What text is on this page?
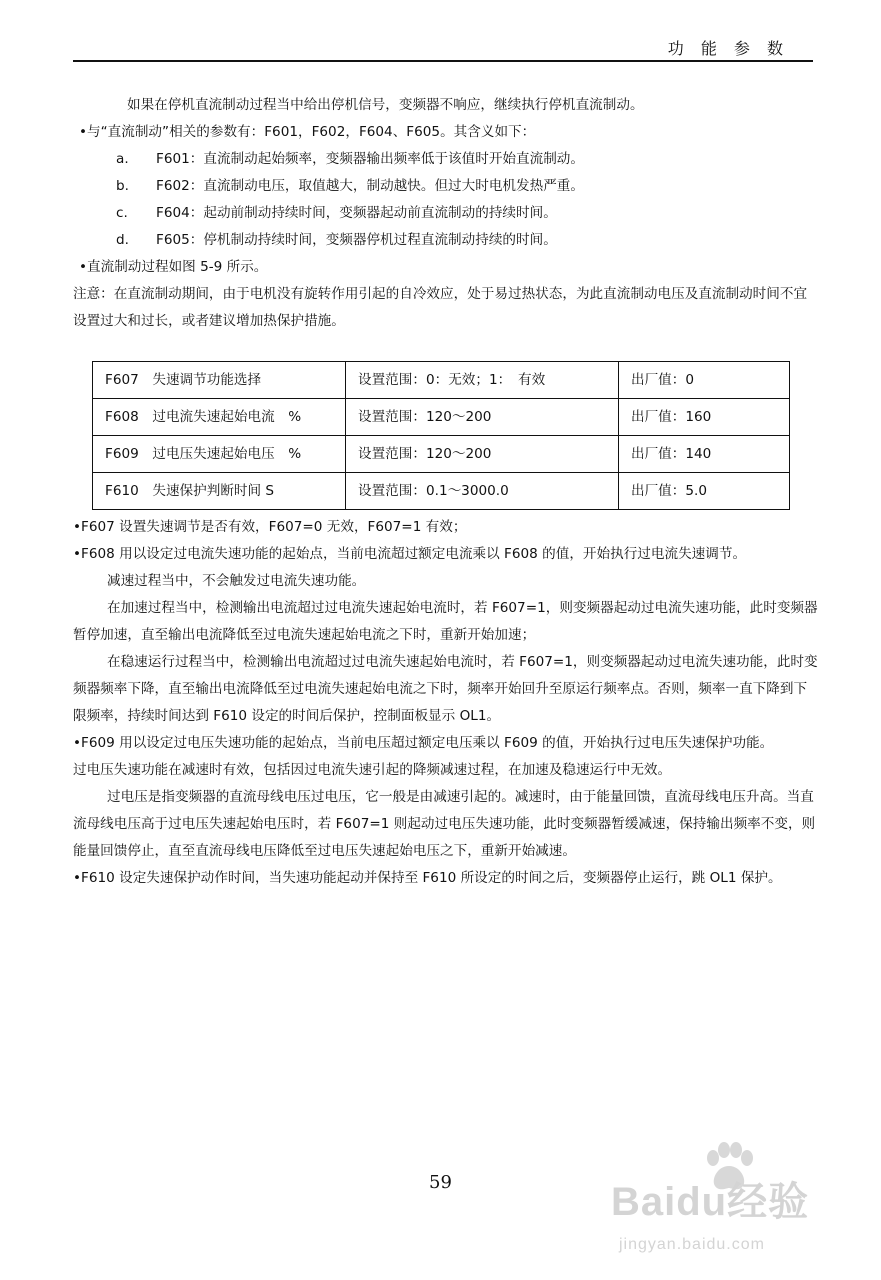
功 能 参 数

如果在停机直流制动过程当中给出停机信号，变频器不响应，继续执行停机直流制动。

•与“直流制动”相关的参数有：F601，F602，F604、F605。其含义如下：

a.	F601：直流制动起始频率，变频器输出频率低于该值时开始直流制动。
b.	F602：直流制动电压，取值越大，制动越快。但过大时电机发热严重。
c.	F604：起动前制动持续时间，变频器起动前直流制动的持续时间。
d.	F605：停机制动持续时间，变频器停机过程直流制动持续的时间。

•直流制动过程如图 5-9 所示。

注意：在直流制动期间，由于电机没有旋转作用引起的自冷效应，处于易过热状态，为此直流制动电压及直流制动时间不宜设置过大和过长，或者建议增加热保护措施。

F607　失速调节功能选择	设置范围：0：无效；1：　有效	出厂值：0
F608　过电流失速起始电流　%	设置范围：120～200	出厂值：160
F609　过电压失速起始电压　%	设置范围：120～200	出厂值：140
F610　失速保护判断时间 S	设置范围：0.1～3000.0	出厂值：5.0

•F607 设置失速调节是否有效，F607=0 无效，F607=1 有效；

•F608 用以设定过电流失速功能的起始点，当前电流超过额定电流乘以 F608 的值，开始执行过电流失速调节。

减速过程当中，不会触发过电流失速功能。

在加速过程当中，检测输出电流超过过电流失速起始电流时，若 F607=1，则变频器起动过电流失速功能，此时变频器暂停加速，直至输出电流降低至过电流失速起始电流之下时，重新开始加速；

在稳速运行过程当中，检测输出电流超过过电流失速起始电流时，若 F607=1，则变频器起动过电流失速功能，此时变频器频率下降，直至输出电流降低至过电流失速起始电流之下时，频率开始回升至原运行频率点。否则，频率一直下降到下限频率，持续时间达到 F610 设定的时间后保护，控制面板显示 OL1。

•F609 用以设定过电压失速功能的起始点，当前电压超过额定电压乘以 F609 的值，开始执行过电压失速保护功能。

过电压失速功能在减速时有效，包括因过电流失速引起的降频减速过程，在加速及稳速运行中无效。

过电压是指变频器的直流母线电压过电压，它一般是由减速引起的。减速时，由于能量回馈，直流母线电压升高。当直流母线电压高于过电压失速起始电压时，若 F607=1 则起动过电压失速功能，此时变频器暂缓减速，保持输出频率不变，则能量回馈停止，直至直流母线电压降低至过电压失速起始电压之下，重新开始减速。

•F610 设定失速保护动作时间，当失速功能起动并保持至 F610 所设定的时间之后，变频器停止运行，跳 OL1 保护。

59	Baidu经验
jingyan.baidu.com
